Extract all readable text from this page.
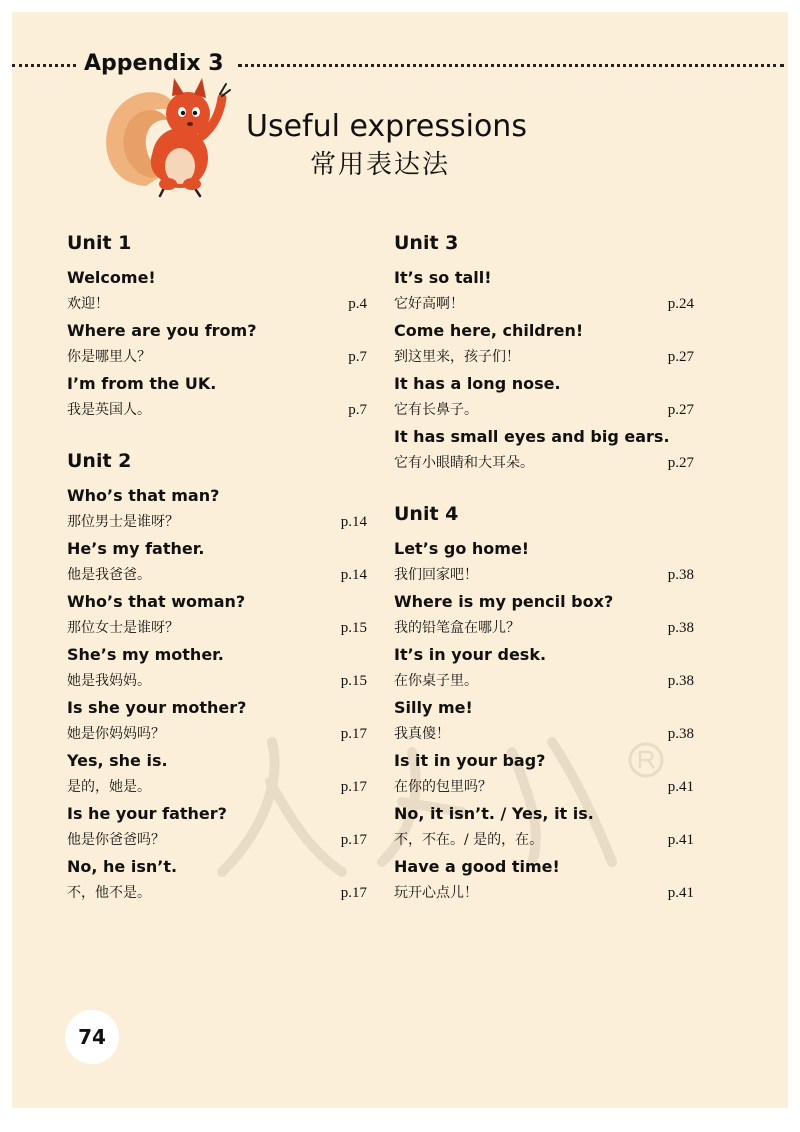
Appendix 3
Useful expressions
常用表达法
Unit 1
Welcome!
欢迎！	p.4
Where are you from?
你是哪里人？	p.7
I’m from the UK.
我是英国人。	p.7
Unit 2
Who’s that man?
那位男士是谁呀？	p.14
He’s my father.
他是我爸爸。	p.14
Who’s that woman?
那位女士是谁呀？	p.15
She’s my mother.
她是我妈妈。	p.15
Is she your mother?
她是你妈妈吗？	p.17
Yes, she is.
是的，她是。	p.17
Is he your father?
他是你爸爸吗？	p.17
No, he isn’t.
不，他不是。	p.17
Unit 3
It’s so tall!
它好高啊！	p.24
Come here, children!
到这里来，孩子们！	p.27
It has a long nose.
它有长鼻子。	p.27
It has small eyes and big ears.
它有小眼睛和大耳朵。	p.27
Unit 4
Let’s go home!
我们回家吧！	p.38
Where is my pencil box?
我的铅笔盒在哪儿？	p.38
It’s in your desk.
在你桌子里。	p.38
Silly me!
我真傻！	p.38
Is it in your bag?
在你的包里吗？	p.41
No, it isn’t. / Yes, it is.
不，不在。/ 是的，在。	p.41
Have a good time!
玩开心点儿！	p.41
74
